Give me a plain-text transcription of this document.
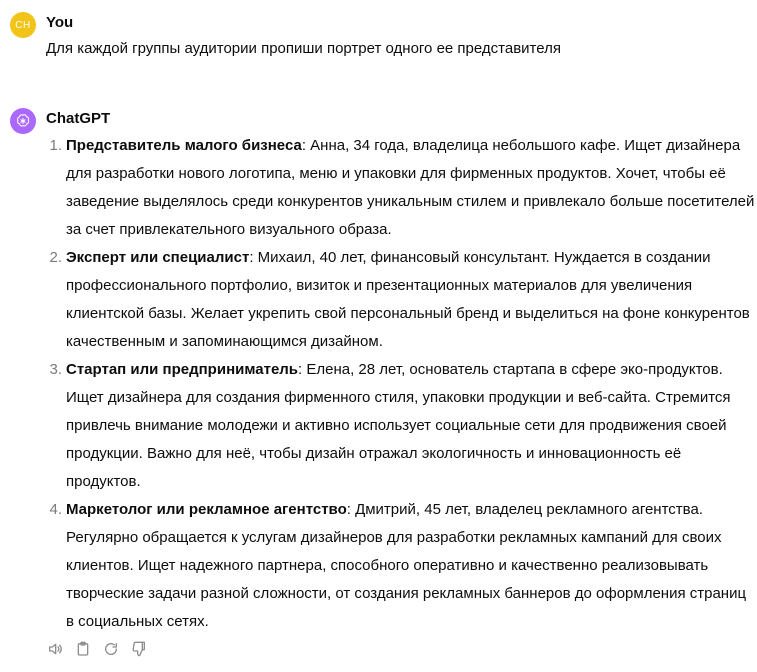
CH	You
Для каждой группы аудитории пропиши портрет одного ее представителя
ChatGPT
1. Представитель малого бизнеса: Анна, 34 года, владелица небольшого кафе. Ищет дизайнера для разработки нового логотипа, меню и упаковки для фирменных продуктов. Хочет, чтобы её заведение выделялось среди конкурентов уникальным стилем и привлекало больше посетителей за счет привлекательного визуального образа.
2. Эксперт или специалист: Михаил, 40 лет, финансовый консультант. Нуждается в создании профессионального портфолио, визиток и презентационных материалов для увеличения клиентской базы. Желает укрепить свой персональный бренд и выделиться на фоне конкурентов качественным и запоминающимся дизайном.
3. Стартап или предприниматель: Елена, 28 лет, основатель стартапа в сфере эко-продуктов. Ищет дизайнера для создания фирменного стиля, упаковки продукции и веб-сайта. Стремится привлечь внимание молодежи и активно использует социальные сети для продвижения своей продукции. Важно для неё, чтобы дизайн отражал экологичность и инновационность её продуктов.
4. Маркетолог или рекламное агентство: Дмитрий, 45 лет, владелец рекламного агентства. Регулярно обращается к услугам дизайнеров для разработки рекламных кампаний для своих клиентов. Ищет надежного партнера, способного оперативно и качественно реализовывать творческие задачи разной сложности, от создания рекламных баннеров до оформления страниц в социальных сетях.
